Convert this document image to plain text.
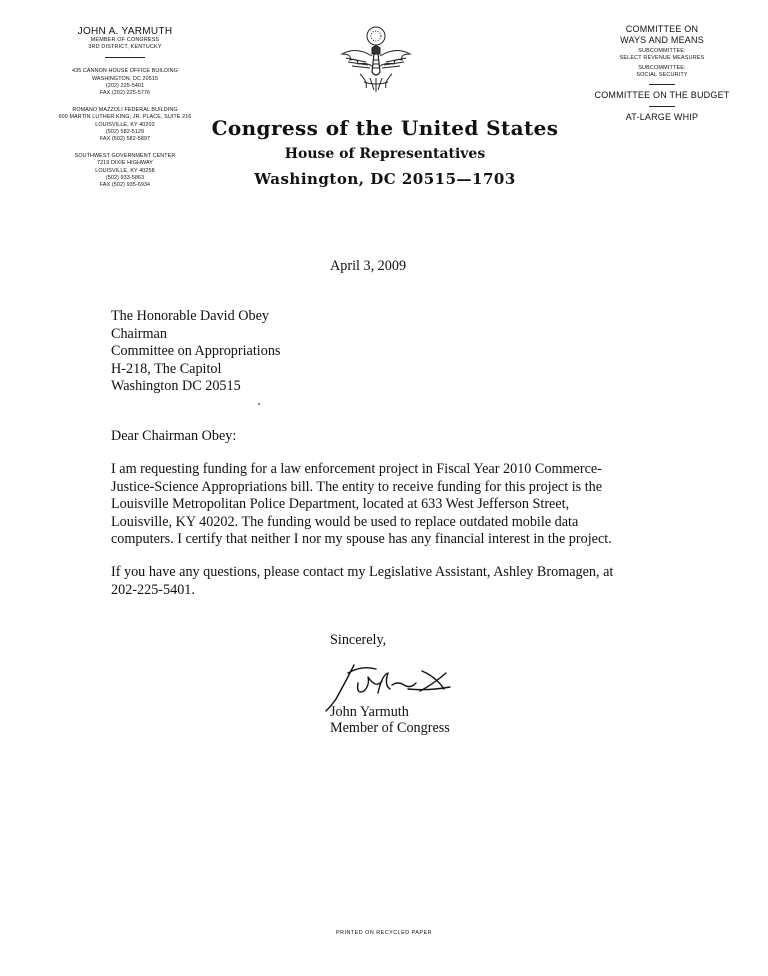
JOHN A. YARMUTH
MEMBER OF CONGRESS
3RD DISTRICT, KENTUCKY
435 CANNON HOUSE OFFICE BUILDING
WASHINGTON, DC 20515
(202) 225-5401
FAX (202) 225-5776
ROMANO MAZZOLI FEDERAL BUILDING
600 MARTIN LUTHER KING, JR. PLACE, SUITE 216
LOUISVILLE, KY 40202
(502) 582-5129
FAX (502) 582-5897
SOUTHWEST GOVERNMENT CENTER
7219 DIXIE HIGHWAY
LOUISVILLE, KY 40258
(502) 933-5863
FAX (502) 935-6934
COMMITTEE ON
WAYS AND MEANS
SUBCOMMITTEE:
SELECT REVENUE MEASURES
SUBCOMMITTEE:
SOCIAL SECURITY
COMMITTEE ON THE BUDGET
AT-LARGE WHIP
Congress of the United States
House of Representatives
Washington, DC 20515—1703
April 3, 2009
The Honorable David Obey
Chairman
Committee on Appropriations
H-218, The Capitol
Washington DC 20515
Dear Chairman Obey:
I am requesting funding for a law enforcement project in Fiscal Year 2010 Commerce-
Justice-Science Appropriations bill. The entity to receive funding for this project is the
Louisville Metropolitan Police Department, located at 633 West Jefferson Street,
Louisville, KY 40202. The funding would be used to replace outdated mobile data
computers. I certify that neither I nor my spouse has any financial interest in the project.
If you have any questions, please contact my Legislative Assistant, Ashley Bromagen, at
202-225-5401.
Sincerely,
John Yarmuth
Member of Congress
PRINTED ON RECYCLED PAPER
